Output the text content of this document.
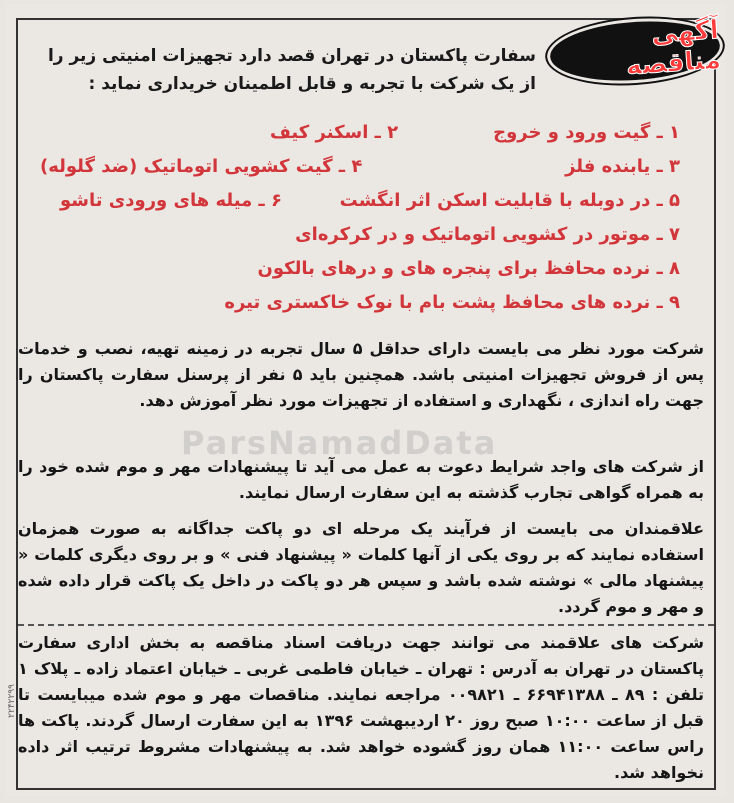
آگهی مناقصه
سفارت پاکستان در تهران قصد دارد تجهیزات امنیتی زیر را
از یک شرکت با تجربه و قابل اطمینان خریداری نماید :
۱ ـ گیت ورود و خروج
۲ ـ اسکنر کیف
۳ ـ یابنده فلز
۴ ـ گیت کشویی اتوماتیک (ضد گلوله)
۵ ـ در دوبله با قابلیت اسکن اثر انگشت
۶ ـ میله های ورودی تاشو
۷ ـ موتور در کشویی اتوماتیک و در کرکره‌ای
۸ ـ نرده محافظ برای پنجره های و درهای بالکون
۹ ـ نرده های محافظ پشت بام با نوک خاکستری تیره
ParsNamadData
شرکت مورد نظر می بایست دارای حداقل ۵ سال تجربه در زمینه تهیه، نصب و خدمات پس از فروش تجهیزات امنیتی باشد. همچنین باید ۵ نفر از پرسنل سفارت پاکستان را جهت راه اندازی ، نگهداری و استفاده از تجهیزات مورد نظر آموزش دهد.
از شرکت های واجد شرایط دعوت به عمل می آید تا پیشنهادات مهر و موم شده خود را به همراه گواهی تجارب گذشته به این سفارت ارسال نمایند.
علاقمندان می بایست از فرآیند یک مرحله ای دو پاکت جداگانه به صورت همزمان استفاده نمایند که بر روی یکی از آنها کلمات « پیشنهاد فنی » و بر روی دیگری کلمات « پیشنهاد مالی » نوشته شده باشد و سپس هر دو پاکت در داخل یک پاکت قرار داده شده و مهر و موم گردد.
شرکت های علاقمند می توانند جهت دریافت اسناد مناقصه به بخش اداری سفارت پاکستان در تهران به آدرس : تهران ـ خیابان فاطمی غربی ـ خیابان اعتماد زاده ـ پلاک ۱ تلفن : ۸۹ ـ ۶۶۹۴۱۳۸۸ ـ ۰۰۹۸۲۱ مراجعه نمایند. مناقصات مهر و موم شده میبایست تا قبل از ساعت ۱۰:۰۰ صبح روز ۲۰ اردیبهشت ۱۳۹۶ به این سفارت ارسال گردند. پاکت ها راس ساعت ۱۱:۰۰ همان روز گشوده خواهد شد. به پیشنهادات مشروط ترتیب اثر داده نخواهد شد.
۲۲۴۲۲۹۹
